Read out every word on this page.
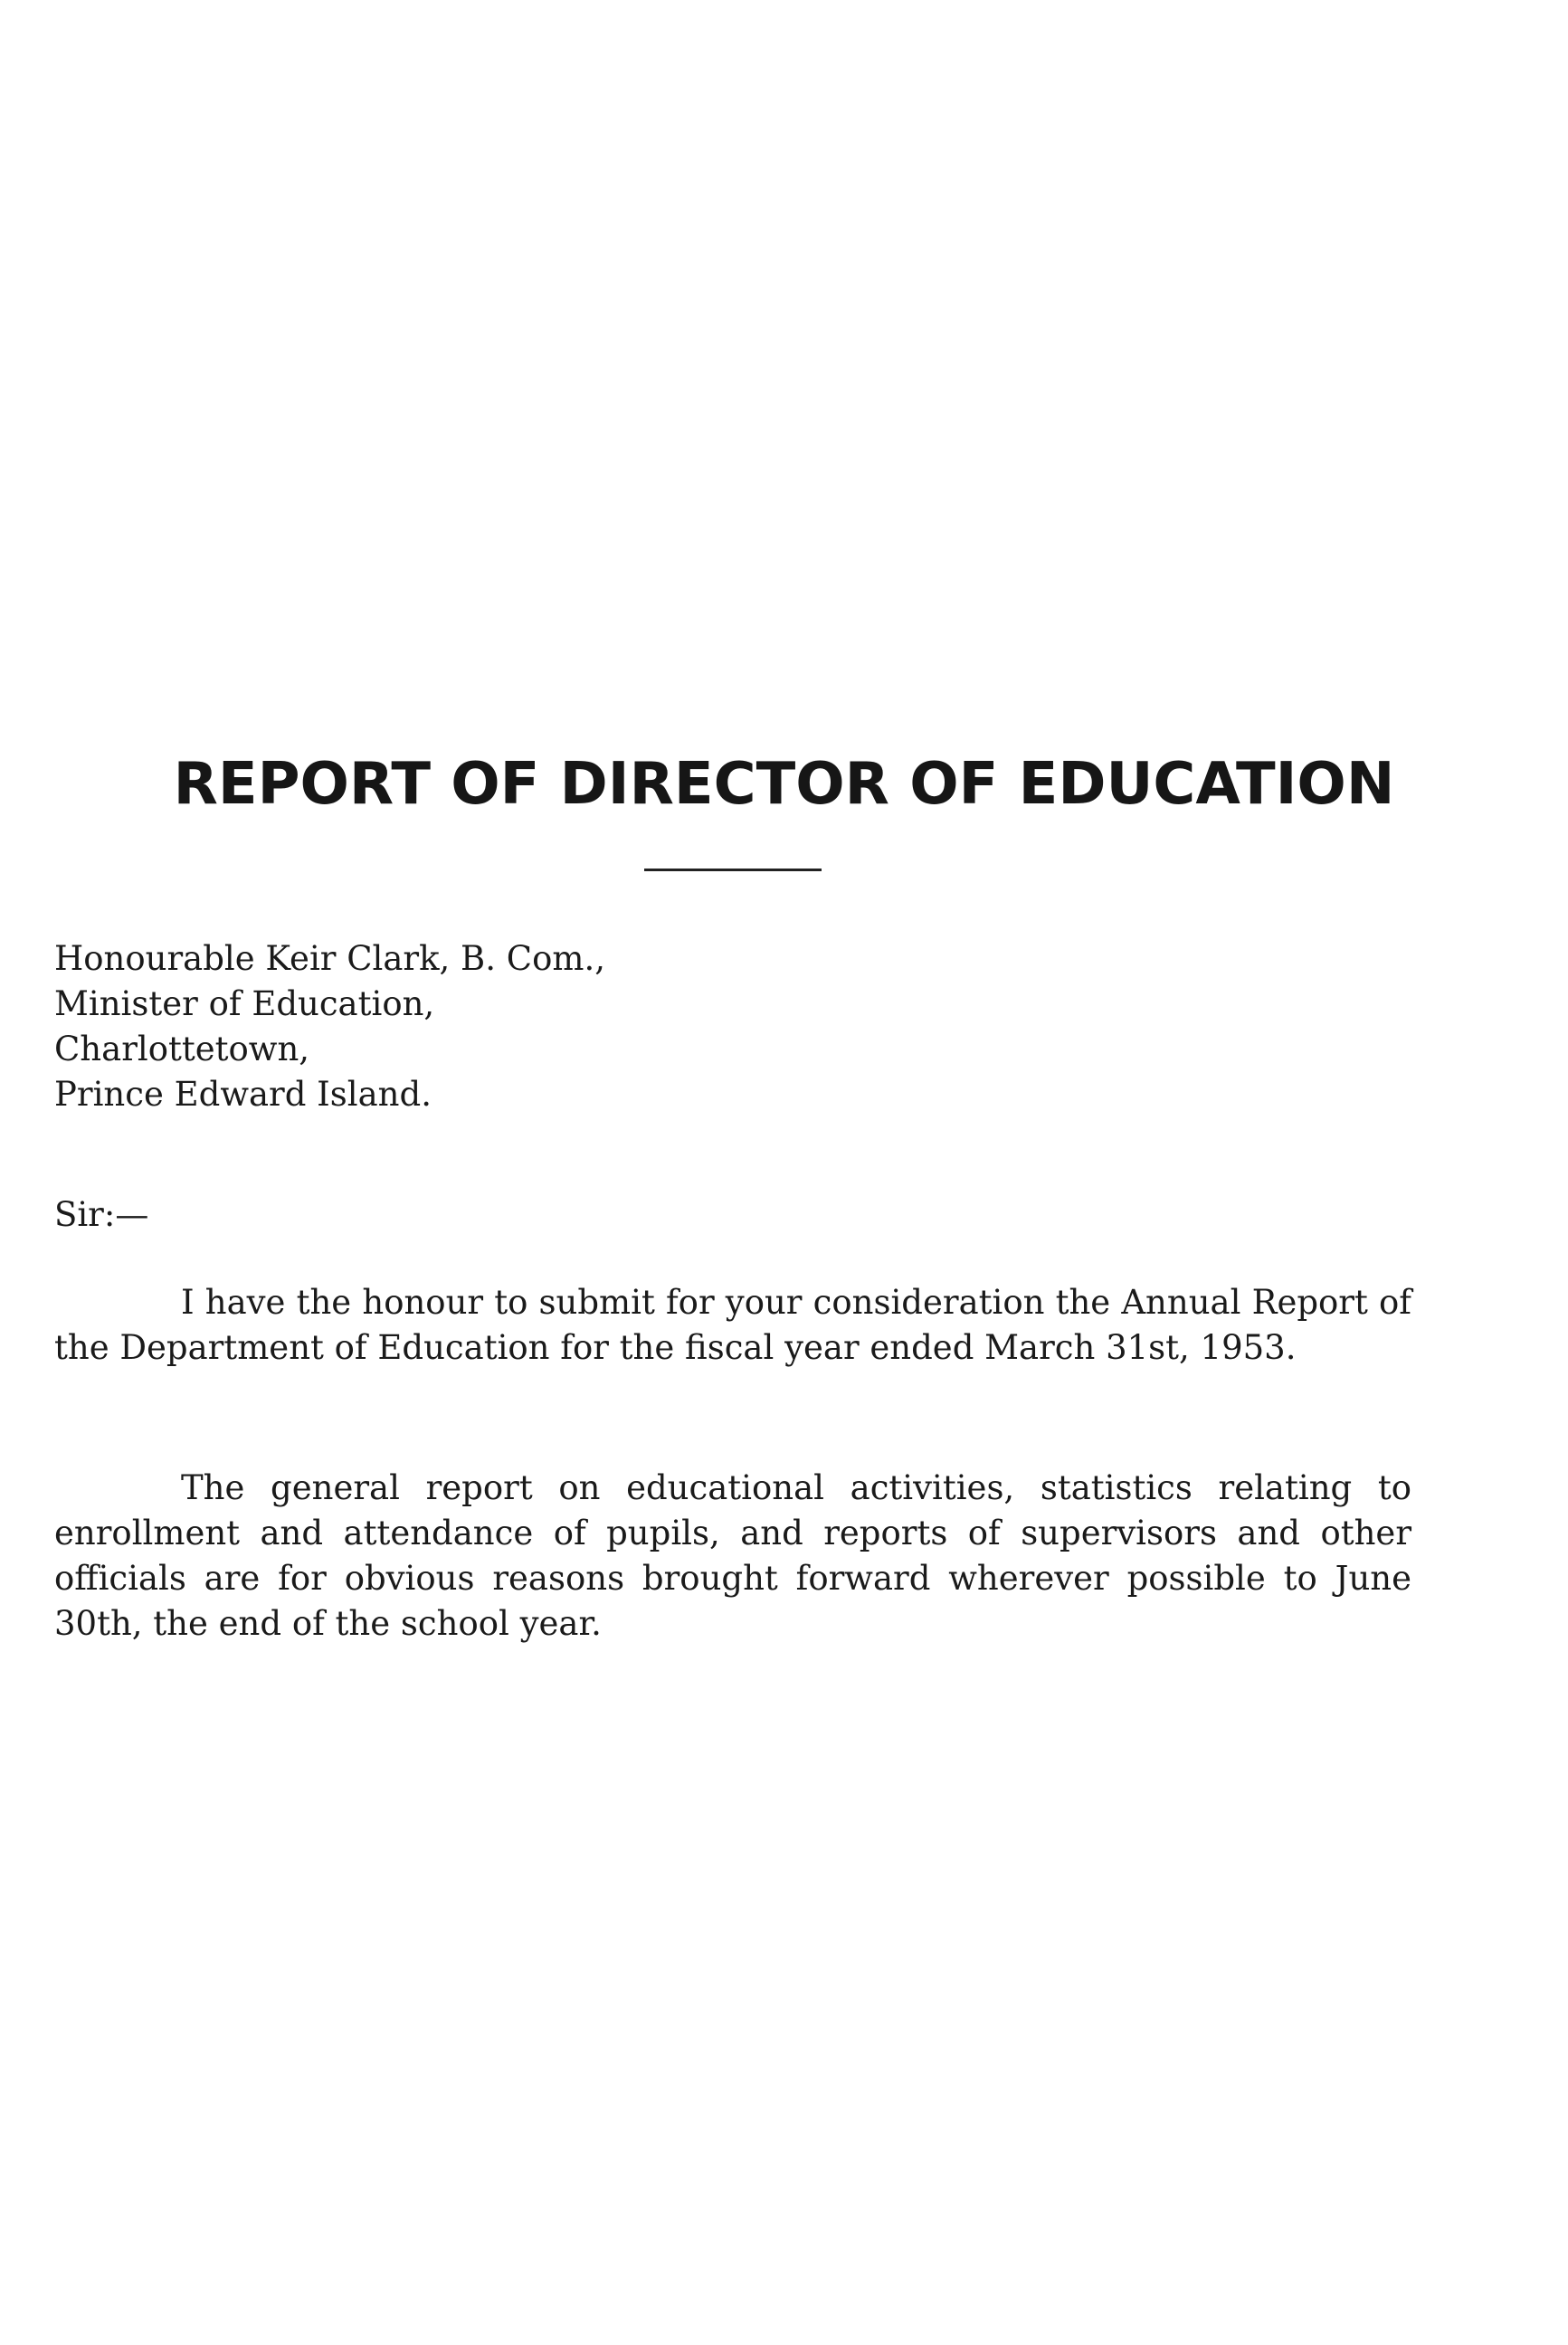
REPORT OF DIRECTOR OF EDUCATION
Honourable Keir Clark, B. Com.,
Minister of Education,
Charlottetown,
Prince Edward Island.

Sir:—

I have the honour to submit for your consideration the Annual Report of the Department of Education for the fiscal year ended March 31st, 1953.

The general report on educational activities, statistics relating to enrollment and attendance of pupils, and reports of supervisors and other officials are for obvious reasons brought forward wherever possible to June 30th, the end of the school year.
